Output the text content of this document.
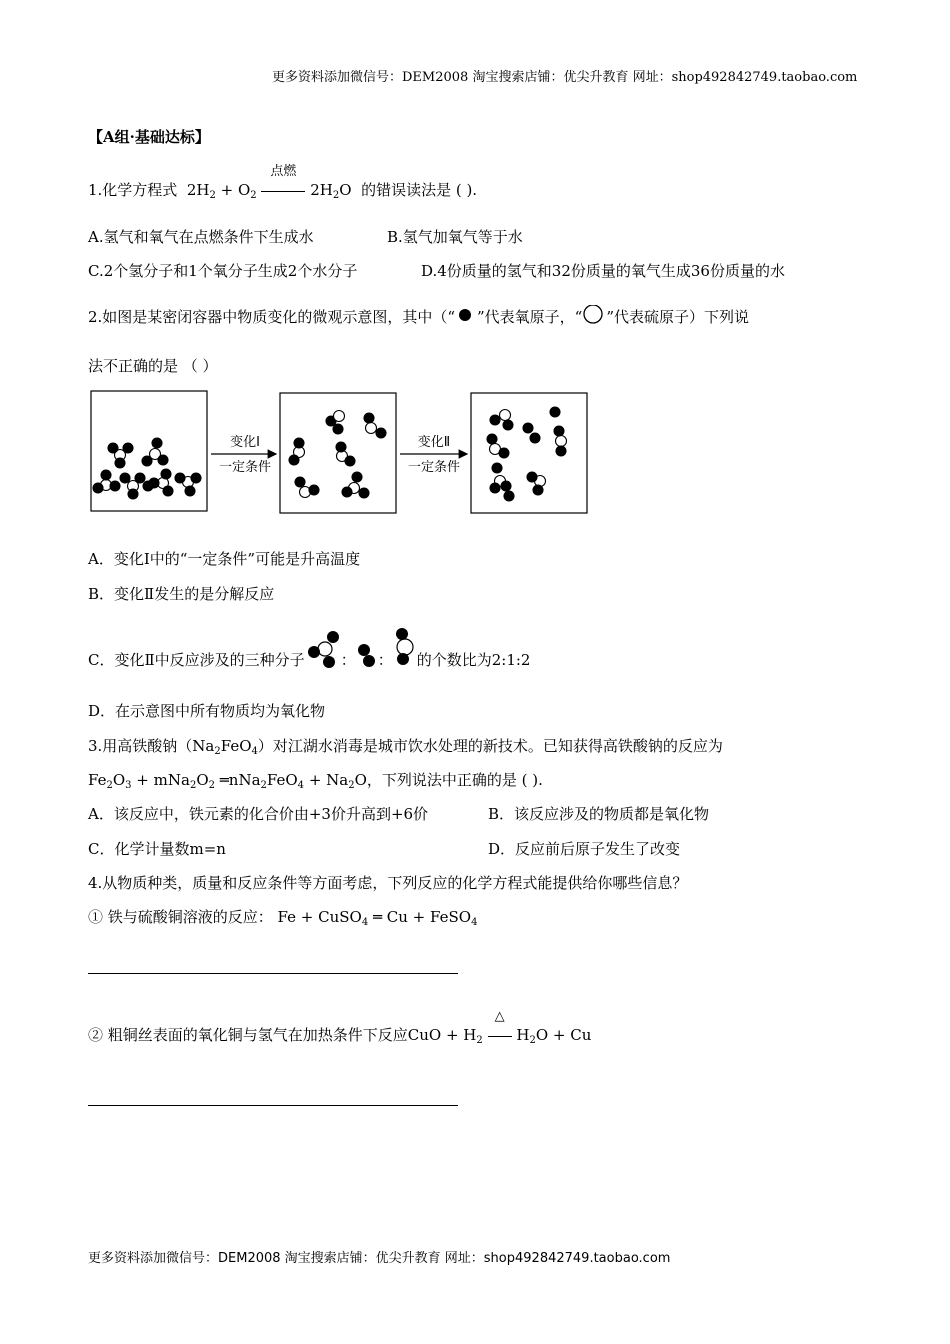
更多资料添加微信号：DEM2008 淘宝搜索店铺：优尖升教育 网址：shop492842749.taobao.com
【A组·基础达标】
1.化学方程式 $2H_2 + O_2$
点燃
$2H_2O$ 的错误读法是 ( ).
A.氢气和氧气在点燃条件下生成水	B.氢气加氧气等于水
C.2个氢分子和1个氧分子生成2个水分子	D.4份质量的氢气和32份质量的氧气生成36份质量的水
2.如图是某密闭容器中物质变化的微观示意图，其中（“ ”代表氧原子，“ ”代表硫原子）下列说
法不正确的是 （ ）
变化Ⅰ
一定条件
变化Ⅱ
一定条件
A．变化Ⅰ中的“一定条件”可能是升高温度
B．变化Ⅱ发生的是分解反应
C．变化Ⅱ中反应涉及的三种分子 ： ： 的个数比为2:1:2
D．在示意图中所有物质均为氧化物
3.用高铁酸钠$(Na_2FeO_4)$对江湖水消毒是城市饮水处理的新技术。已知获得高铁酸钠的反应为
$Fe_2O_3 + mNa_2O_2$ ═nNa$_2$FeO$_4$ + $Na_2O$，下列说法中正确的是 ( ).
A．该反应中，铁元素的化合价由+3价升高到+6价	B．该反应涉及的物质都是氧化物
C．化学计量数m=n	D．反应前后原子发生了改变
4.从物质种类，质量和反应条件等方面考虑，下列反应的化学方程式能提供给你哪些信息？
① 铁与硫酸铜溶液的反应： Fe + CuSO$_4$ ═ Cu + FeSO$_4$
② 粗铜丝表面的氧化铜与氢气在加热条件下反应CuO + $H_2$
△
$H_2O + Cu$
更多资料添加微信号：DEM2008 淘宝搜索店铺：优尖升教育 网址：shop492842749.taobao.com
